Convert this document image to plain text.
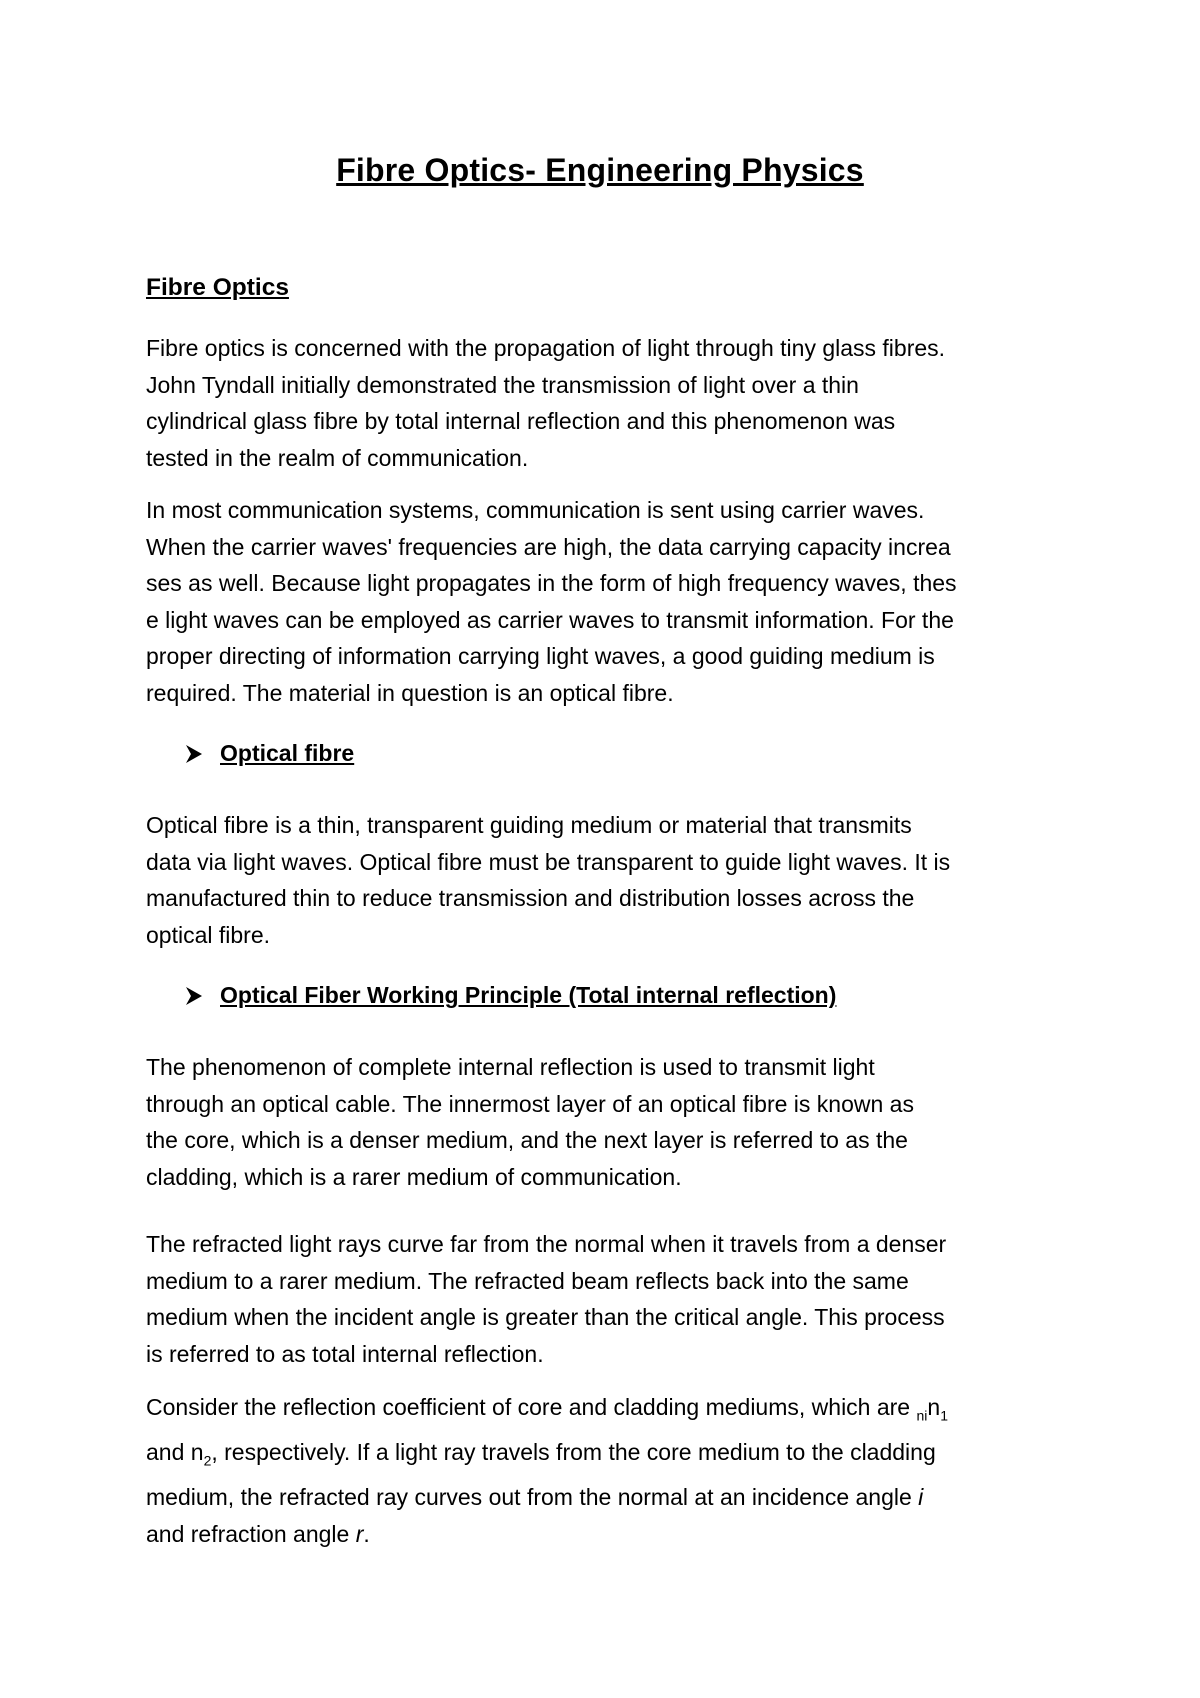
Fibre Optics- Engineering Physics
Fibre Optics

Fibre optics is concerned with the propagation of light through tiny glass fibres.
John Tyndall initially demonstrated the transmission of light over a thin
cylindrical glass fibre by total internal reflection and this phenomenon was
tested in the realm of communication.

In most communication systems, communication is sent using carrier waves.
When the carrier waves' frequencies are high, the data carrying capacity increa
ses as well. Because light propagates in the form of high frequency waves, thes
e light waves can be employed as carrier waves to transmit information. For the
proper directing of information carrying light waves, a good guiding medium is
required. The material in question is an optical fibre.

Optical fibre

Optical fibre is a thin, transparent guiding medium or material that transmits
data via light waves. Optical fibre must be transparent to guide light waves. It is
manufactured thin to reduce transmission and distribution losses across the
optical fibre.

Optical Fiber Working Principle (Total internal reflection)

The phenomenon of complete internal reflection is used to transmit light
through an optical cable. The innermost layer of an optical fibre is known as
the core, which is a denser medium, and the next layer is referred to as the
cladding, which is a rarer medium of communication.

The refracted light rays curve far from the normal when it travels from a denser
medium to a rarer medium. The refracted beam reflects back into the same
medium when the incident angle is greater than the critical angle. This process
is referred to as total internal reflection.

Consider the reflection coefficient of core and cladding mediums, which are $_{ni}n_1$
and $n_2$, respectively. If a light ray travels from the core medium to the cladding
medium, the refracted ray curves out from the normal at an incidence angle i
and refraction angle r.
